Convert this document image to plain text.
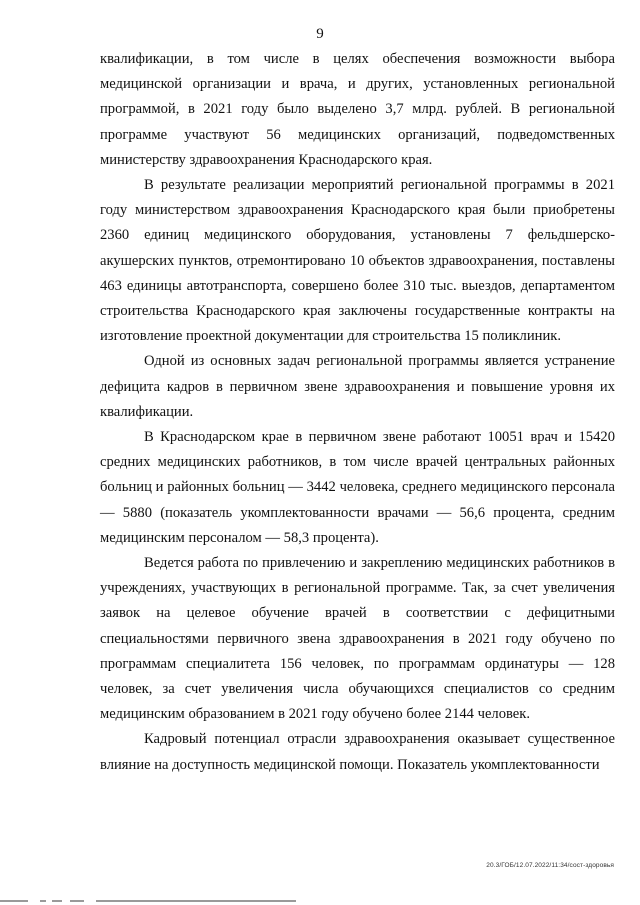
9

квалификации, в том числе в целях обеспечения возможности выбора медицинской организации и врача, и других, установленных региональной программой, в 2021 году было выделено 3,7 млрд. рублей. В региональной программе участвуют 56 медицинских организаций, подведомственных министерству здравоохранения Краснодарского края.

В результате реализации мероприятий региональной программы в 2021 году министерством здравоохранения Краснодарского края были приобретены 2360 единиц медицинского оборудования, установлены 7 фельдшерско-акушерских пунктов, отремонтировано 10 объектов здравоохранения, поставлены 463 единицы автотранспорта, совершено более 310 тыс. выездов, департаментом строительства Краснодарского края заключены государственные контракты на изготовление проектной документации для строительства 15 поликлиник.

Одной из основных задач региональной программы является устранение дефицита кадров в первичном звене здравоохранения и повышение уровня их квалификации.

В Краснодарском крае в первичном звене работают 10051 врач и 15420 средних медицинских работников, в том числе врачей центральных районных больниц и районных больниц — 3442 человека, среднего медицинского персонала — 5880 (показатель укомплектованности врачами — 56,6 процента, средним медицинским персоналом — 58,3 процента).

Ведется работа по привлечению и закреплению медицинских работников в учреждениях, участвующих в региональной программе. Так, за счет увеличения заявок на целевое обучение врачей в соответствии с дефицитными специальностями первичного звена здравоохранения в 2021 году обучено по программам специалитета 156 человек, по программам ординатуры — 128 человек, за счет увеличения числа обучающихся специалистов со средним медицинским образованием в 2021 году обучено более 2144 человек.

Кадровый потенциал отрасли здравоохранения оказывает существенное влияние на доступность медицинской помощи. Показатель укомплектованности

20.3/ГОБ/12.07.2022/11:34/сост-здоровья
